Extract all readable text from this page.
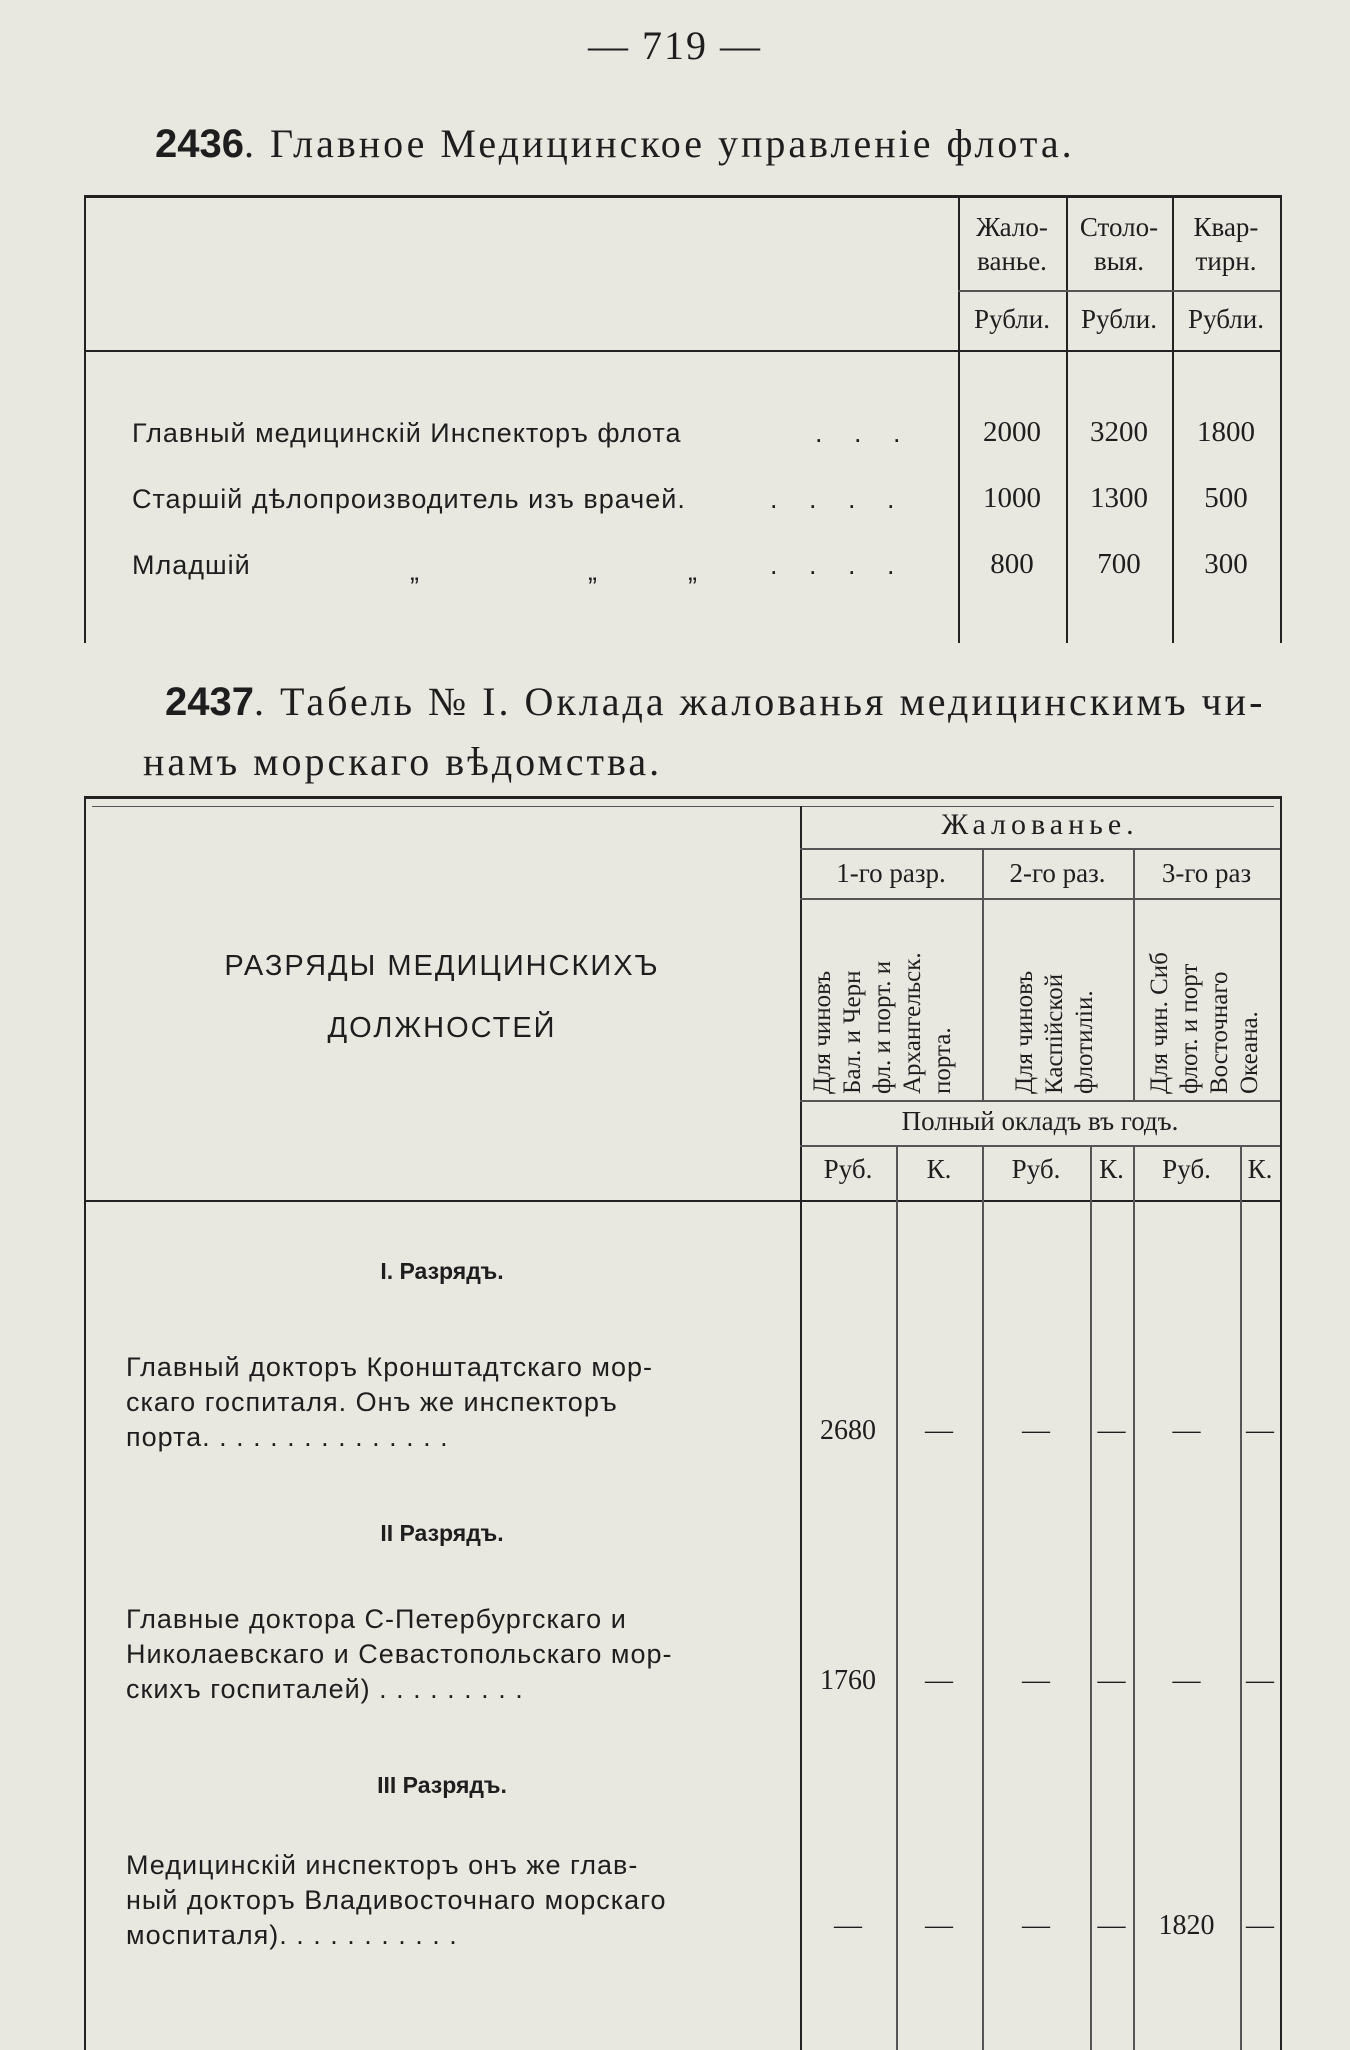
— 719 —
2436. Главное Медицинское управленіе флота.
Жало-
ванье.
Столо-
выя.
Квар-
тирн.
Рубли.	Рубли.	Рубли.
Главный медицинскій Инспекторъ флота	. . .	2000	3200	1800
Старшій дѣлопроизводитель изъ врачей.	. . . .	1000	1300	500
Младшій	„	„	„	. . . .	800	700	300
2437. Табель № I. Оклада жалованья медицинскимъ чи-
намъ морскаго вѣдомства.
РАЗРЯДЫ МЕДИЦИНСКИХЪ
ДОЛЖНОСТЕЙ
Жалованье.
1-го разр.	2-го раз.	3-го раз
Для чиновъ Бал. и Черн фл. и порт. и Архангельск. порта. Для чиновъ Каспійской флотиліи. Для чин. Сиб флот. и порт Восточнаго Океана.
Полный окладъ въ годъ.
Руб.	К.	Руб.	К.	Руб.	К.
I. Разрядъ.
Главный докторъ Кронштадтскаго мор-
скаго госпиталя. Онъ же инспекторъ
порта. . . . . . . . . . . . . . .	2680	—	—	—	—	—
II Разрядъ.
Главные доктора С-Петербургскаго и
Николаевскаго и Севастопольскаго мор-
скихъ госпиталей) . . . . . . . . .	1760	—	—	—	—	—
III Разрядъ.
Медицинскій инспекторъ онъ же глав-
ный докторъ Владивосточнаго морскаго
моспиталя). . . . . . . . . . .	—	—	—	—	1820	—
